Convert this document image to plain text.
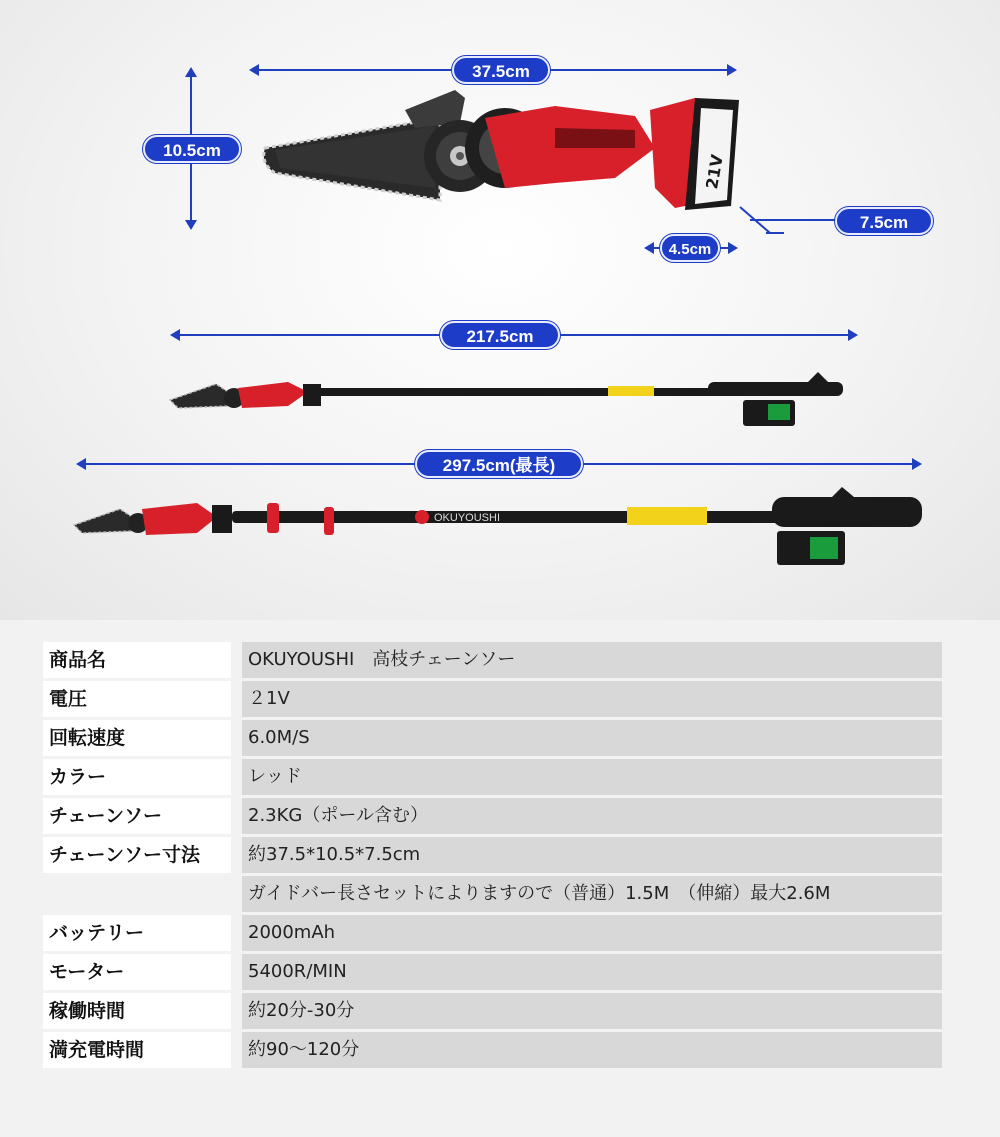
21V
37.5cm
10.5cm
7.5cm
4.5cm
217.5cm
297.5cm(最長)
OKUYOUSHI
商品名	OKUYOUSHI　高枝チェーンソー
電圧	２1V
回転速度	6.0M/S
カラー	レッド
チェーンソー	2.3KG（ポール含む）
チェーンソー寸法	約37.5*10.5*7.5cm
ガイドバー長さセットによりますので（普通）1.5M　（伸縮）最大2.6M
バッテリー	2000mAh
モーター	5400R/MIN
稼働時間	約20分-30分
満充電時間	約90～120分
